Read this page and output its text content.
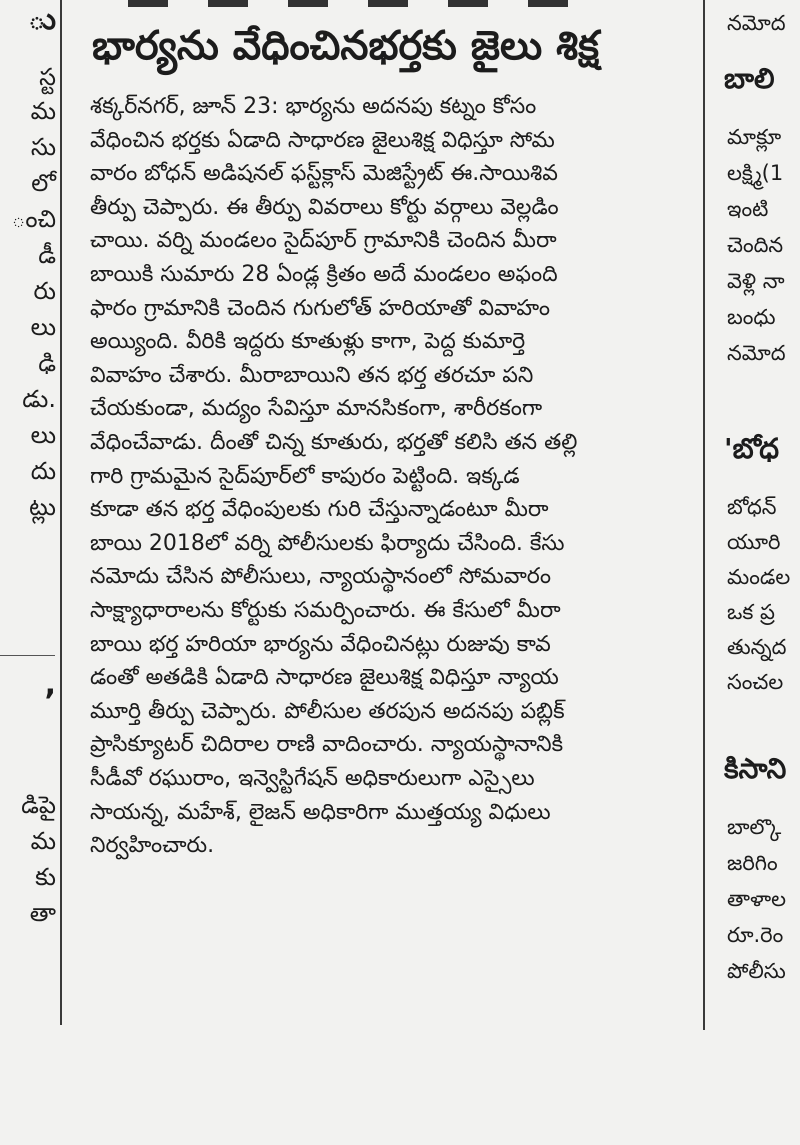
ు
స్ట
మ
సు
లో
ంచి
డీ
రు
లు
ఢి
డు.
లు
దు
ట్లు
,
డిపై
మ
కు
తా
భార్యను వేధించినభర్తకు జైలు శిక్ష
శక్కర్‌నగర్, జూన్ 23: భార్యను అదనపు కట్నం కోసం
వేధించిన భర్తకు ఏడాది సాధారణ జైలుశిక్ష విధిస్తూ సోమ
వారం బోధన్ అడిషనల్ ఫస్ట్‌క్లాస్ మెజిస్ట్రేట్ ఈ.సాయిశివ
తీర్పు చెప్పారు. ఈ తీర్పు వివరాలు కోర్టు వర్గాలు వెల్లడిం
చాయి. వర్ని మండలం సైద్‌పూర్ గ్రామానికి చెందిన మీరా
బాయికి సుమారు 28 ఏండ్ల క్రితం అదే మండలం అఫంది
ఫారం గ్రామానికి చెందిన గుగులోత్ హరియాతో వివాహం
అయ్యింది. వీరికి ఇద్దరు కూతుళ్లు కాగా, పెద్ద కుమార్తె
వివాహం చేశారు. మీరాబాయిని తన భర్త తరచూ పని
చేయకుండా, మద్యం సేవిస్తూ మానసికంగా, శారీరకంగా
వేధించేవాడు. దీంతో చిన్న కూతురు, భర్తతో కలిసి తన తల్లి
గారి గ్రామమైన సైద్‌పూర్‌లో కాపురం పెట్టింది. ఇక్కడ
కూడా తన భర్త వేధింపులకు గురి చేస్తున్నాడంటూ మీరా
బాయి 2018లో వర్ని పోలీసులకు ఫిర్యాదు చేసింది. కేసు
నమోదు చేసిన పోలీసులు, న్యాయస్థానంలో సోమవారం
సాక్ష్యాధారాలను కోర్టుకు సమర్పించారు. ఈ కేసులో మీరా
బాయి భర్త హరియా భార్యను వేధించినట్లు రుజువు కావ
డంతో అతడికి ఏడాది సాధారణ జైలుశిక్ష విధిస్తూ న్యాయ
మూర్తి తీర్పు చెప్పారు. పోలీసుల తరపున అదనపు పబ్లిక్
ప్రాసిక్యూటర్ చిదిరాల రాణి వాదించారు. న్యాయస్థానానికి
సీడీవో రఘురాం, ఇన్వెస్టిగేషన్ అధికారులుగా ఎస్సైలు
సాయన్న, మహేశ్, లైజన్ అధికారిగా ముత్తయ్య విధులు
నిర్వహించారు.
నమోద
బాలి
మాక్లూ
లక్ష్మి(1
ఇంటి
చెందిన
వెళ్లి నా
బంధు
నమోద
'బోధ
బోధన్
యూరి
మండల
ఒక ప్ర
తున్నద
సంచల
కిసాని
బాల్కొ
జరిగిం
తాళాల
రూ.రెం
పోలీసు
